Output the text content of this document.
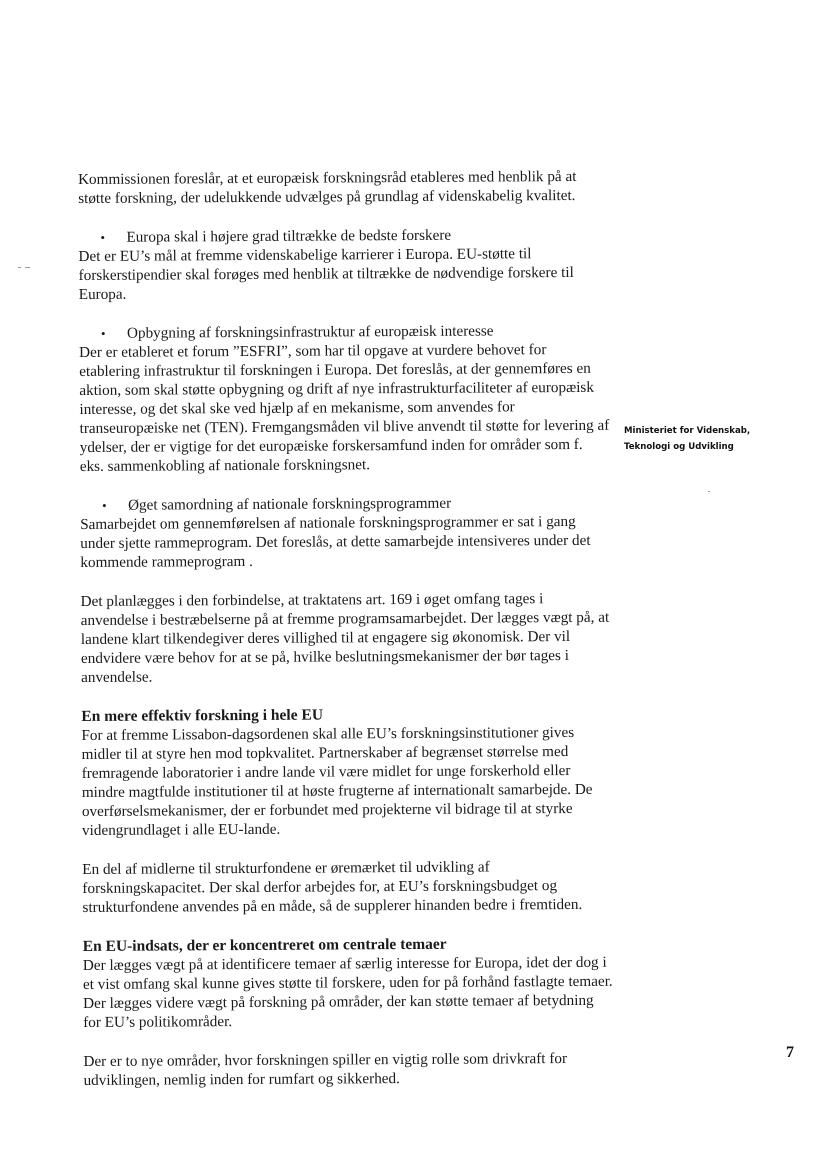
Kommissionen foreslår, at et europæisk forskningsråd etableres med henblik på at støtte forskning, der udelukkende udvælges på grundlag af videnskabelig kvalitet.

•	Europa skal i højere grad tiltrække de bedste forskere

Det er EU’s mål at fremme videnskabelige karrierer i Europa. EU-støtte til forskerstipendier skal forøges med henblik at tiltrække de nødvendige forskere til Europa.

•	Opbygning af forskningsinfrastruktur af europæisk interesse

Der er etableret et forum ”ESFRI”, som har til opgave at vurdere behovet for etablering infrastruktur til forskningen i Europa. Det foreslås, at der gennemføres en aktion, som skal støtte opbygning og drift af nye infrastrukturfaciliteter af europæisk interesse, og det skal ske ved hjælp af en mekanisme, som anvendes for transeuropæiske net (TEN). Fremgangsmåden vil blive anvendt til støtte for levering af ydelser, der er vigtige for det europæiske forskersamfund inden for områder som f. eks. sammenkobling af nationale forskningsnet.

•	Øget samordning af nationale forskningsprogrammer

Samarbejdet om gennemførelsen af nationale forskningsprogrammer er sat i gang under sjette rammeprogram. Det foreslås, at dette samarbejde intensiveres under det kommende rammeprogram .

Det planlægges i den forbindelse, at traktatens art. 169 i øget omfang tages i anvendelse i bestræbelserne på at fremme programsamarbejdet. Der lægges vægt på, at landene klart tilkendegiver deres villighed til at engagere sig økonomisk. Der vil endvidere være behov for at se på, hvilke beslutningsmekanismer der bør tages i anvendelse.

En mere effektiv forskning i hele EU

For at fremme Lissabon-dagsordenen skal alle EU’s forskningsinstitutioner gives midler til at styre hen mod topkvalitet. Partnerskaber af begrænset størrelse med fremragende laboratorier i andre lande vil være midlet for unge forskerhold eller mindre magtfulde institutioner til at høste frugterne af internationalt samarbejde. De overførselsmekanismer, der er forbundet med projekterne vil bidrage til at styrke videngrundlaget i alle EU-lande.

En del af midlerne til strukturfondene er øremærket til udvikling af forskningskapacitet. Der skal derfor arbejdes for, at EU’s forskningsbudget og strukturfondene anvendes på en måde, så de supplerer hinanden bedre i fremtiden.

En EU-indsats, der er koncentreret om centrale temaer

Der lægges vægt på at identificere temaer af særlig interesse for Europa, idet der dog i et vist omfang skal kunne gives støtte til forskere, uden for på forhånd fastlagte temaer. Der lægges videre vægt på forskning på områder, der kan støtte temaer af betydning for EU’s politikområder.

Der er to nye områder, hvor forskningen spiller en vigtig rolle som drivkraft for udviklingen, nemlig inden for rumfart og sikkerhed.

Ministeriet for Videnskab,
Teknologi og Udvikling
7
